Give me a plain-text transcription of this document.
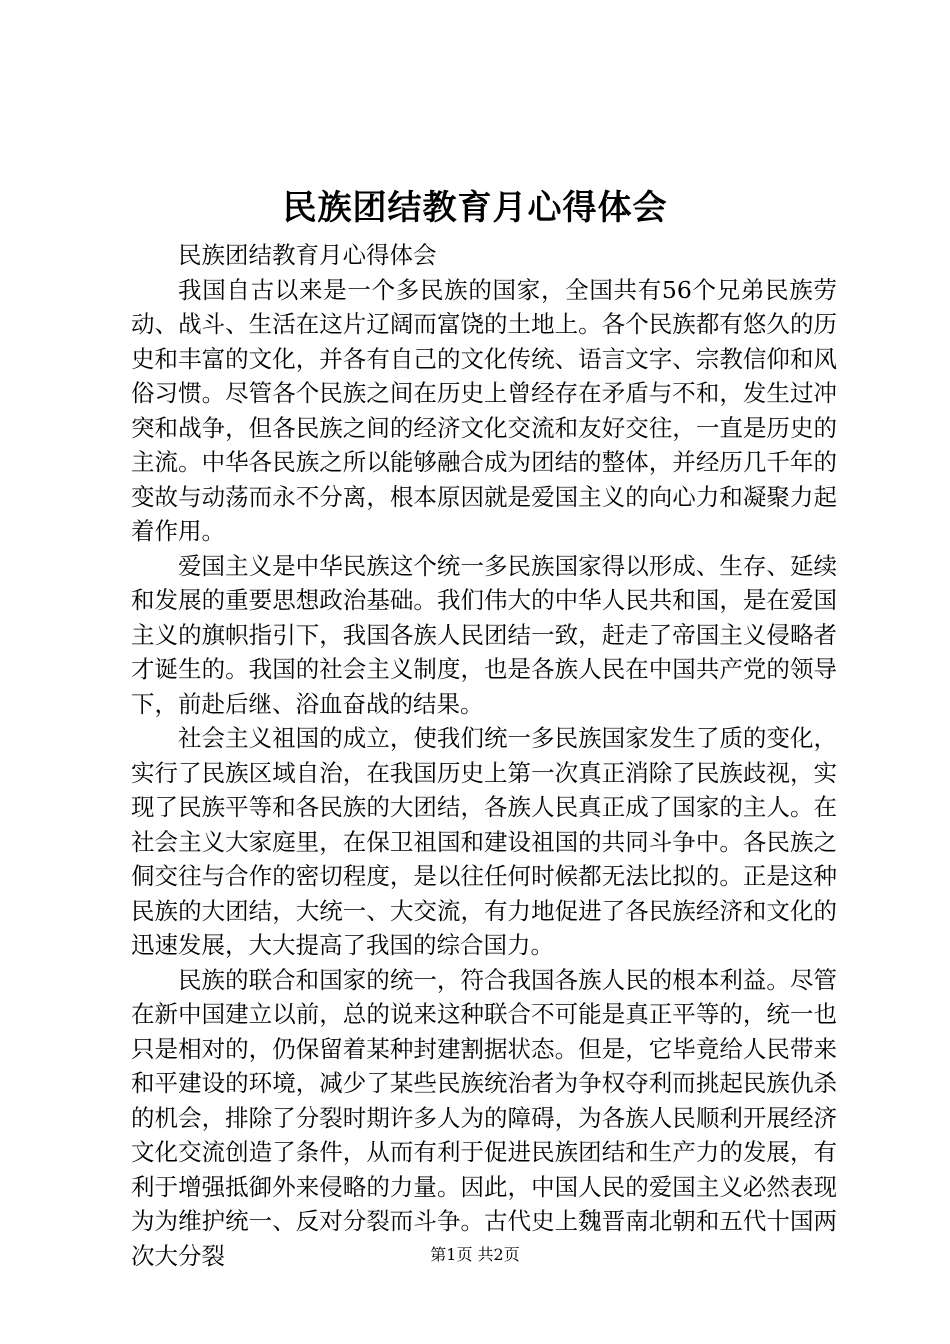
民族团结教育月心得体会

民族团结教育月心得体会

我国自古以来是一个多民族的国家，全国共有56个兄弟民族劳动、战斗、生活在这片辽阔而富饶的土地上。各个民族都有悠久的历史和丰富的文化，并各有自己的文化传统、语言文字、宗教信仰和风俗习惯。尽管各个民族之间在历史上曾经存在矛盾与不和，发生过冲突和战争，但各民族之间的经济文化交流和友好交往，一直是历史的主流。中华各民族之所以能够融合成为团结的整体，并经历几千年的变故与动荡而永不分离，根本原因就是爱国主义的向心力和凝聚力起着作用。

爱国主义是中华民族这个统一多民族国家得以形成、生存、延续和发展的重要思想政治基础。我们伟大的中华人民共和国，是在爱国主义的旗帜指引下，我国各族人民团结一致，赶走了帝国主义侵略者才诞生的。我国的社会主义制度，也是各族人民在中国共产党的领导下，前赴后继、浴血奋战的结果。

社会主义祖国的成立，使我们统一多民族国家发生了质的变化，实行了民族区域自治，在我国历史上第一次真正消除了民族歧视，实现了民族平等和各民族的大团结，各族人民真正成了国家的主人。在社会主义大家庭里，在保卫祖国和建设祖国的共同斗争中。各民族之侗交往与合作的密切程度，是以往任何时候都无法比拟的。正是这种民族的大团结，大统一、大交流，有力地促进了各民族经济和文化的迅速发展，大大提高了我国的综合国力。

民族的联合和国家的统一，符合我国各族人民的根本利益。尽管在新中国建立以前，总的说来这种联合不可能是真正平等的，统一也只是相对的，仍保留着某种封建割据状态。但是，它毕竟给人民带来和平建设的环境，减少了某些民族统治者为争权夺利而挑起民族仇杀的机会，排除了分裂时期许多人为的障碍，为各族人民顺利开展经济文化交流创造了条件，从而有利于促进民族团结和生产力的发展，有利于增强抵御外来侵略的力量。因此，中国人民的爱国主义必然表现为为维护统一、反对分裂而斗争。古代史上魏晋南北朝和五代十国两次大分裂	第1页 共2页
